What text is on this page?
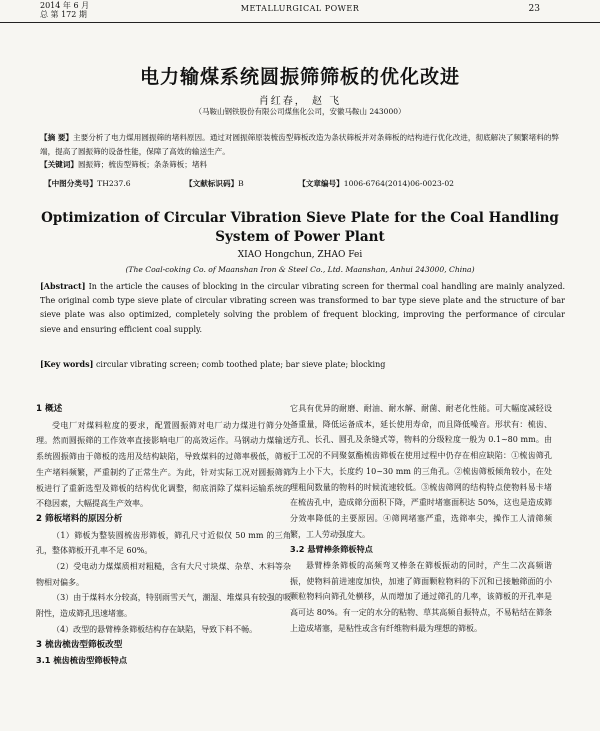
2014 年 6 月
总 第 172 期
METALLURGICAL POWER	23
电力输煤系统圆振筛筛板的优化改进
肖红春， 赵 飞
（马鞍山钢铁股份有限公司煤焦化公司，安徽马鞍山 243000）
【摘 要】主要分析了电力煤用圆振筛的堵料原因。通过对圆振筛原装梳齿型筛板改造为条状筛板并对条筛板的结构进行优化改进，彻底解决了频繁堵料的弊端，提高了圆振筛的设备性能，保障了高效的输送生产。
【关键词】圆振筛；梳齿型筛板；条条筛板；堵料
【中图分类号】TH237.6	【文献标识码】B	【文章编号】1006-6764(2014)06-0023-02
Optimization of Circular Vibration Sieve Plate for the Coal Handling
System of Power Plant
XIAO Hongchun, ZHAO Fei
(The Coal-coking Co. of Maanshan Iron & Steel Co., Ltd. Maanshan, Anhui 243000, China)
[Abstract] In the article the causes of blocking in the circular vibrating screen for thermal coal handling are mainly analyzed. The original comb type sieve plate of circular vibrating screen was transformed to bar type sieve plate and the structure of bar sieve plate was also optimized, completely solving the problem of frequent blocking, improving the performance of circular sieve and ensuring efficient coal supply.
[Key words] circular vibrating screen; comb toothed plate; bar sieve plate; blocking

1 概述

受电厂对煤料粒度的要求，配置圆振筛对电厂动力煤进行筛分处理。然而圆振筛的工作效率直接影响电厂的高效运作。马钢动力煤输送系统圆振筛由于筛板的选用及结构缺陷，导致煤料的过筛率极低，筛板生产堵料频繁，严重制约了正常生产。为此，针对实际工况对圆振筛筛板进行了重新选型及筛板的结构优化调整，彻底消除了煤料运输系统的不稳因素，大幅提高生产效率。

2 筛板堵料的原因分析

（1）筛板为整装圆梳齿形筛板，筛孔尺寸近似仅 50 mm 的三角孔，整体筛板开孔率不足 60%。

（2）受电动力煤煤质相对粗糙，含有大尺寸块煤、杂草、木料等杂物相对偏多。

（3）由于煤料水分较高，特别雨雪天气，潮湿、堆煤具有较强的吸附性，造成筛孔迅速堵塞。

（4）改型的悬臂棒条筛板结构存在缺陷，导致下料不畅。

3 梳齿梳齿型筛板改型

3.1 梳齿梳齿型筛板特点

它具有优异的耐磨、耐油、耐水解、耐菌、耐老化性能。可大幅度减轻设备重量，降低运备成本，延长使用寿命，而且降低噪音。形状有：梳齿、方孔、长孔、圆孔及条缝式等，物料的分级粒度一般为 0.1~80 mm。由于工况的不同聚氨酯梳齿筛板在使用过程中仍存在相应缺陷：①梳齿筛孔为上小下大，长度约 10~30 mm 的三角孔。②梳齿筛板倾角较小，在处理粗间数量的物料的时候流速较低。③梳齿筛网的结构特点使物料易卡堵在梳齿孔中，造成筛分面积下降，严重时堵塞面积达 50%，这也是造成筛分效率降低的主要原因。④筛网堵塞严重，选筛率尖，操作工人清筛频繁，工人劳动强度大。

3.2 悬臂棒条筛板特点

悬臂棒条筛板的高频弯叉棒条在筛板振动的同时，产生二次高频谐振，使物料前进速度加快，加速了筛面颗粒物料的下沉和已接触筛面的小颗粒物料向筛孔处横移，从而增加了通过筛孔的几率，该筛板的开孔率是高可达 80%。有一定的水分的粘物、草其高频自振特点，不易粘结在筛条上造成堵塞，是粘性或含有纤维物料最为理想的筛板。
